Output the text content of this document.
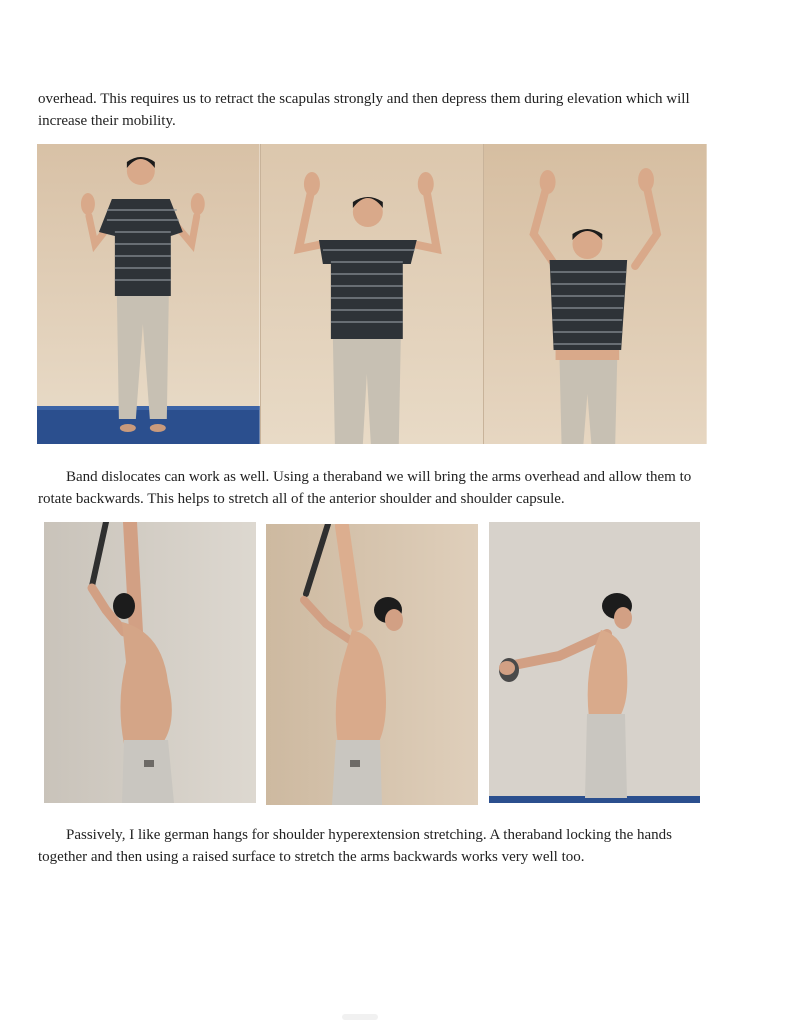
overhead. This requires us to retract the scapulas strongly and then depress them during elevation which will increase their mobility.

Band dislocates can work as well. Using a theraband we will bring the arms overhead and allow them to rotate backwards. This helps to stretch all of the anterior shoulder and shoulder capsule.

Passively, I like german hangs for shoulder hyperextension stretching. A theraband locking the hands together and then using a raised surface to stretch the arms backwards works very well too.
